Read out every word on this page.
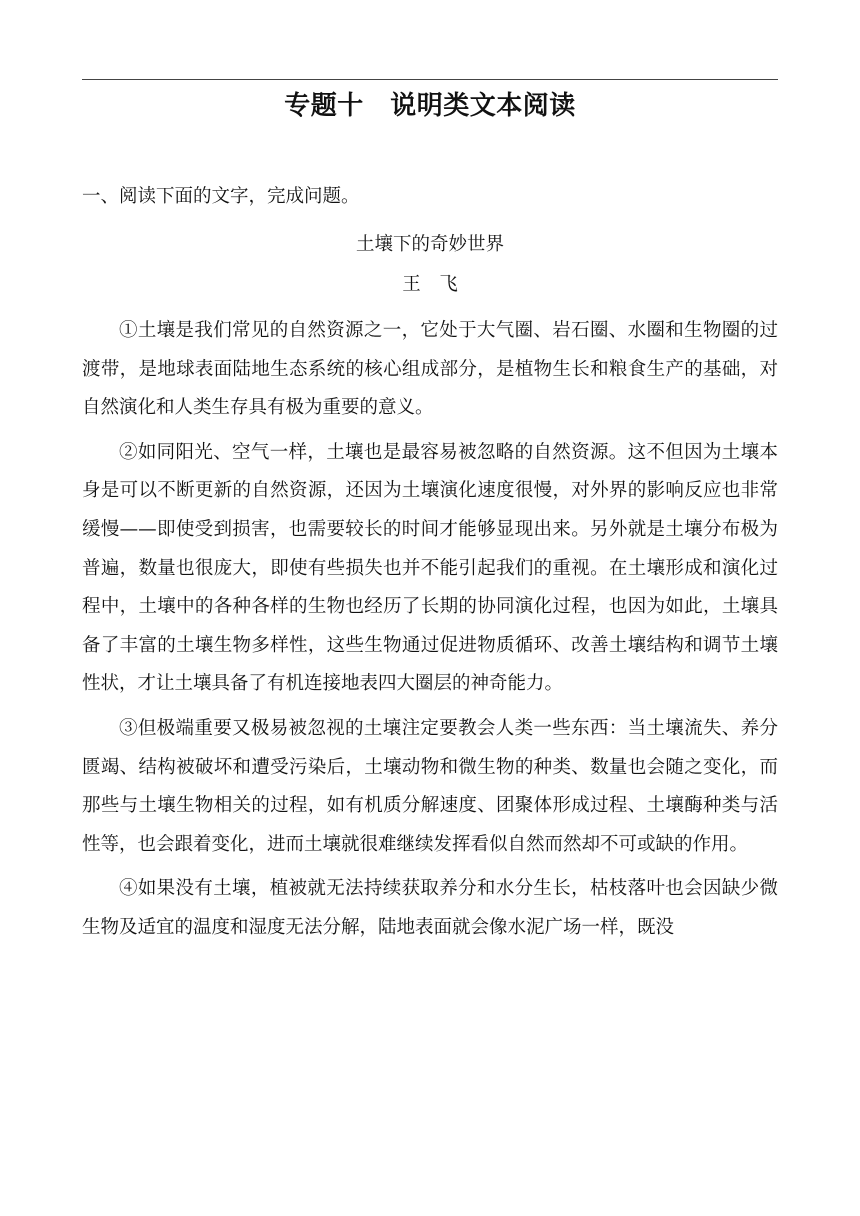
专题十　说明类文本阅读

一、阅读下面的文字，完成问题。

土壤下的奇妙世界
王　飞

①土壤是我们常见的自然资源之一，它处于大气圈、岩石圈、水圈和生物圈的过渡带，是地球表面陆地生态系统的核心组成部分，是植物生长和粮食生产的基础，对自然演化和人类生存具有极为重要的意义。

②如同阳光、空气一样，土壤也是最容易被忽略的自然资源。这不但因为土壤本身是可以不断更新的自然资源，还因为土壤演化速度很慢，对外界的影响反应也非常缓慢——即使受到损害，也需要较长的时间才能够显现出来。另外就是土壤分布极为普遍，数量也很庞大，即使有些损失也并不能引起我们的重视。在土壤形成和演化过程中，土壤中的各种各样的生物也经历了长期的协同演化过程，也因为如此，土壤具备了丰富的土壤生物多样性，这些生物通过促进物质循环、改善土壤结构和调节土壤性状，才让土壤具备了有机连接地表四大圈层的神奇能力。

③但极端重要又极易被忽视的土壤注定要教会人类一些东西：当土壤流失、养分匮竭、结构被破坏和遭受污染后，土壤动物和微生物的种类、数量也会随之变化，而那些与土壤生物相关的过程，如有机质分解速度、团聚体形成过程、土壤酶种类与活性等，也会跟着变化，进而土壤就很难继续发挥看似自然而然却不可或缺的作用。

④如果没有土壤，植被就无法持续获取养分和水分生长，枯枝落叶也会因缺少微生物及适宜的温度和湿度无法分解，陆地表面就会像水泥广场一样，既没
